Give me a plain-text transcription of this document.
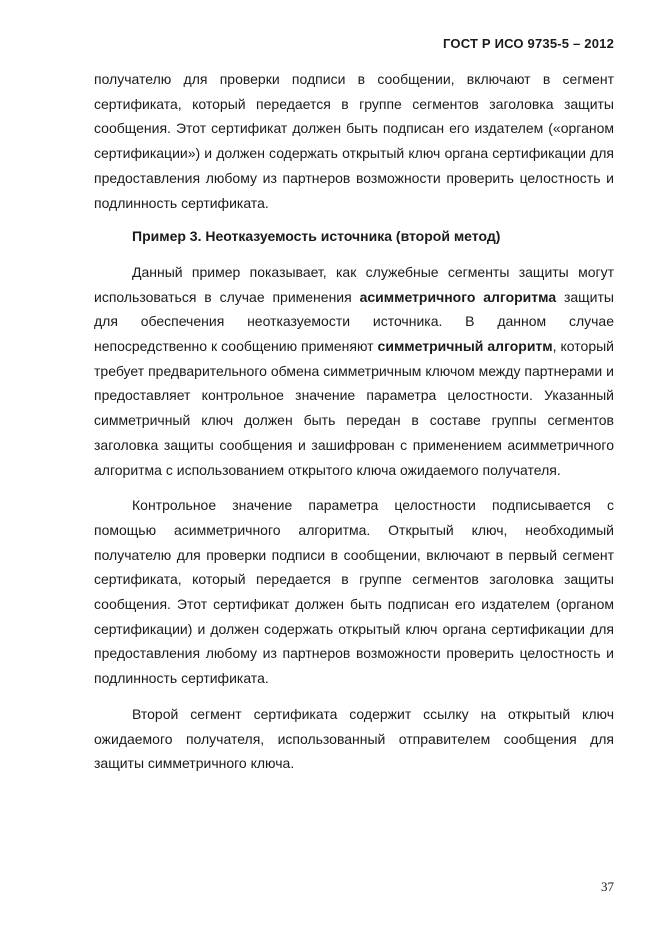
ГОСТ Р ИСО 9735-5 – 2012

получателю для проверки подписи в сообщении, включают в сегмент сертификата, который передается в группе сегментов заголовка защиты сообщения. Этот сертификат должен быть подписан его издателем («органом сертификации») и должен содержать открытый ключ органа сертификации для предоставления любому из партнеров возможности проверить целостность и подлинность сертификата.

Пример 3. Неотказуемость источника (второй метод)

Данный пример показывает, как служебные сегменты защиты могут использоваться в случае применения асимметричного алгоритма защиты для обеспечения неотказуемости источника. В данном случае непосредственно к сообщению применяют симметричный алгоритм, который требует предварительного обмена симметричным ключом между партнерами и предоставляет контрольное значение параметра целостности. Указанный симметричный ключ должен быть передан в составе группы сегментов заголовка защиты сообщения и зашифрован с применением асимметричного алгоритма с использованием открытого ключа ожидаемого получателя.

Контрольное значение параметра целостности подписывается с помощью асимметричного алгоритма. Открытый ключ, необходимый получателю для проверки подписи в сообщении, включают в первый сегмент сертификата, который передается в группе сегментов заголовка защиты сообщения. Этот сертификат должен быть подписан его издателем (органом сертификации) и должен содержать открытый ключ органа сертификации для предоставления любому из партнеров возможности проверить целостность и подлинность сертификата.

Второй сегмент сертификата содержит ссылку на открытый ключ ожидаемого получателя, использованный отправителем сообщения для защиты симметричного ключа.

37
